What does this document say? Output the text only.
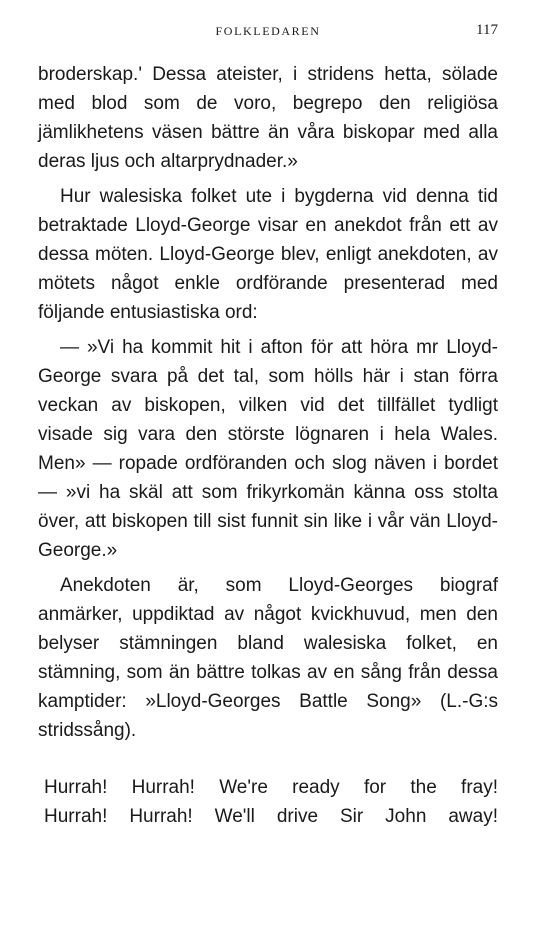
FOLKLEDAREN	117

broderskap.' Dessa ateister, i stridens hetta, sölade med blod som de voro, begrepo den religiösa jämlikhetens väsen bättre än våra biskopar med alla deras ljus och altarprydnader.»

Hur walesiska folket ute i bygderna vid denna tid betraktade Lloyd-George visar en anekdot från ett av dessa möten. Lloyd-George blev, enligt anekdoten, av mötets något enkle ordförande presenterad med följande entusiastiska ord:

— »Vi ha kommit hit i afton för att höra mr Lloyd-George svara på det tal, som hölls här i stan förra veckan av biskopen, vilken vid det tillfället tydligt visade sig vara den störste lögnaren i hela Wales. Men» — ropade ordföranden och slog näven i bordet — »vi ha skäl att som frikyrkomän känna oss stolta över, att biskopen till sist funnit sin like i vår vän Lloyd-George.»

Anekdoten är, som Lloyd-Georges biograf anmärker, uppdiktad av något kvickhuvud, men den belyser stämningen bland walesiska folket, en stämning, som än bättre tolkas av en sång från dessa kamptider: »Lloyd-Georges Battle Song» (L.-G:s stridssång).

Hurrah! Hurrah! We're ready for the fray!
Hurrah! Hurrah! We'll drive Sir John away!
